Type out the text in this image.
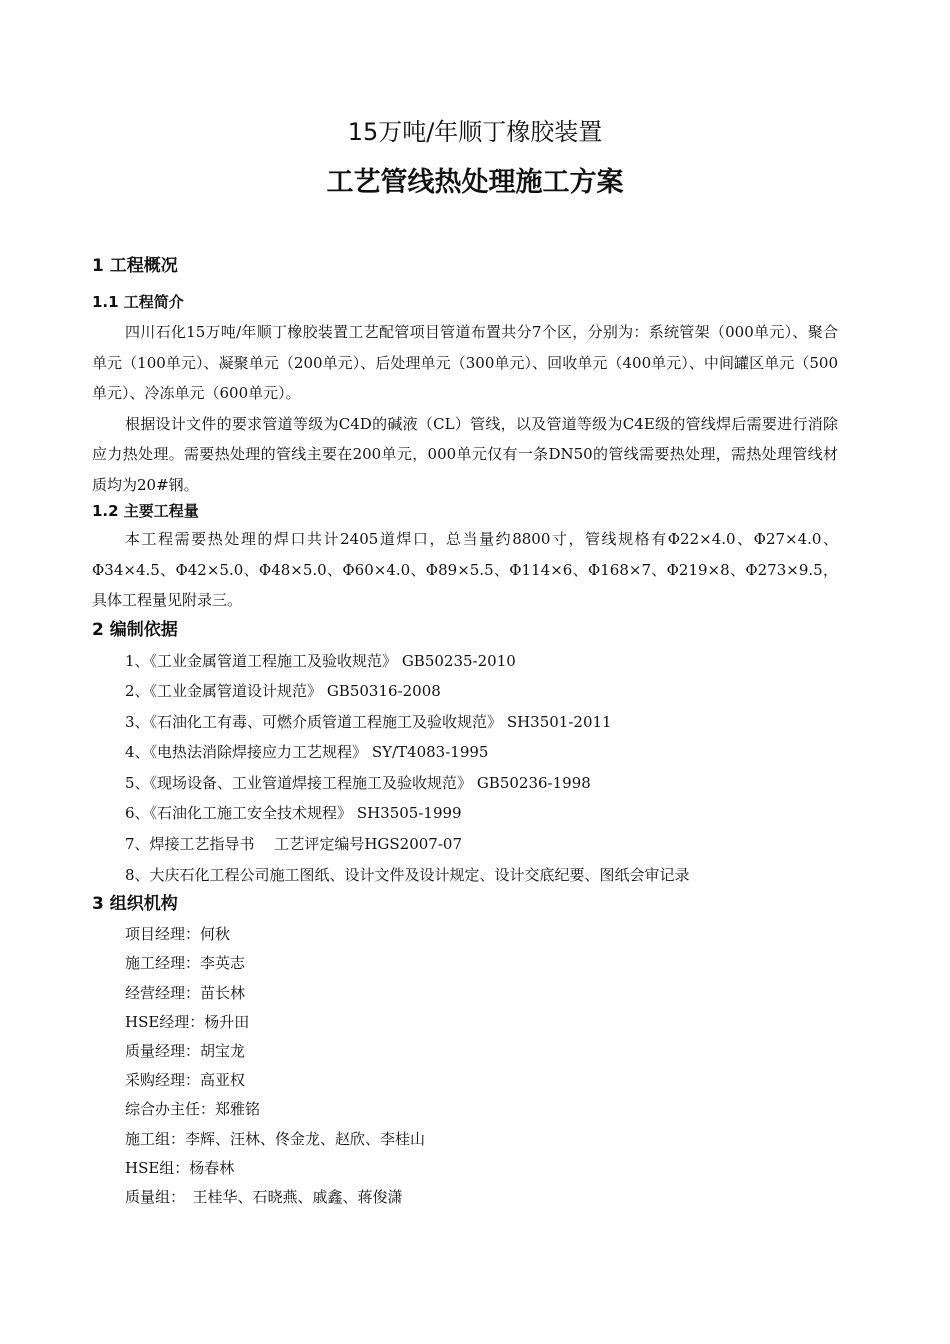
15万吨/年顺丁橡胶装置
工艺管线热处理施工方案
1 工程概况
1.1 工程简介

四川石化15万吨/年顺丁橡胶装置工艺配管项目管道布置共分7个区，分别为：系统管架（000单元）、聚合单元（100单元）、凝聚单元（200单元）、后处理单元（300单元）、回收单元（400单元）、中间罐区单元（500单元）、冷冻单元（600单元）。

根据设计文件的要求管道等级为C4D的碱液（CL）管线，以及管道等级为C4E级的管线焊后需要进行消除应力热处理。需要热处理的管线主要在200单元，000单元仅有一条DN50的管线需要热处理，需热处理管线材质均为20#钢。

1.2 主要工程量

本工程需要热处理的焊口共计2405道焊口，总当量约8800寸，管线规格有Φ22×4.0、Φ27×4.0、Φ34×4.5、Φ42×5.0、Φ48×5.0、Φ60×4.0、Φ89×5.5、Φ114×6、Φ168×7、Φ219×8、Φ273×9.5，具体工程量见附录三。

2 编制依据
1、《工业金属管道工程施工及验收规范》 GB50235-2010
2、《工业金属管道设计规范》 GB50316-2008
3、《石油化工有毒、可燃介质管道工程施工及验收规范》 SH3501-2011
4、《电热法消除焊接应力工艺规程》 SY/T4083-1995
5、《现场设备、工业管道焊接工程施工及验收规范》 GB50236-1998
6、《石油化工施工安全技术规程》 SH3505-1999
7、焊接工艺指导书　 工艺评定编号HGS2007-07
8、大庆石化工程公司施工图纸、设计文件及设计规定、设计交底纪要、图纸会审记录
3 组织机构
项目经理：何秋
施工经理：李英志
经营经理：苗长林
HSE经理：杨升田
质量经理：胡宝龙
采购经理：高亚权
综合办主任：郑雅铭
施工组：李辉、汪林、佟金龙、赵欣、李桂山
HSE组：杨春林
质量组：　王桂华、石晓燕、戚鑫、蒋俊潇
